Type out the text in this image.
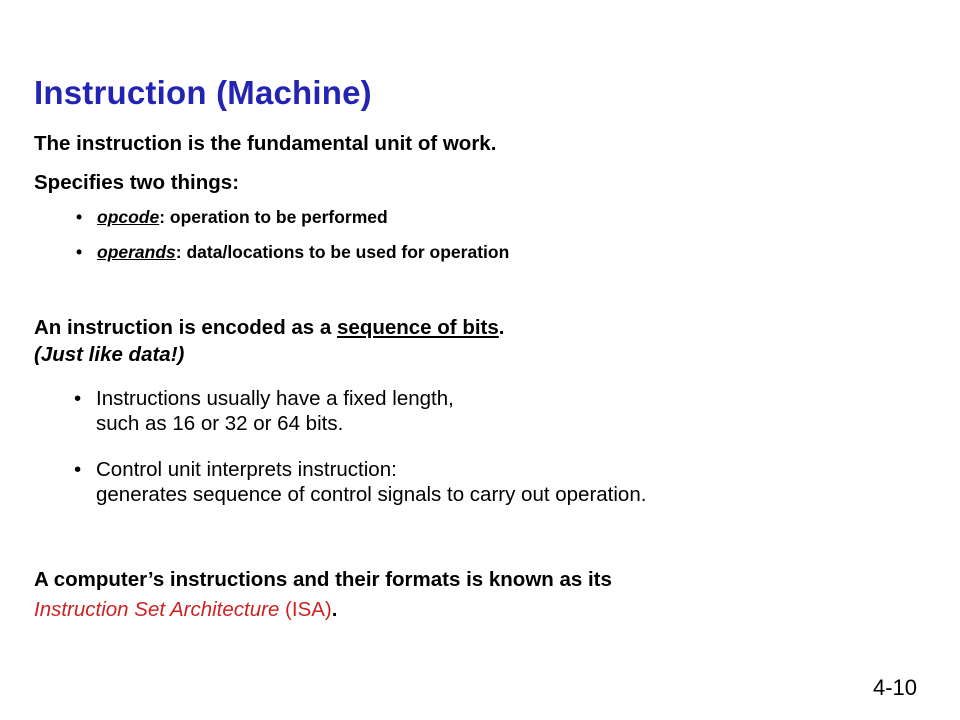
Instruction (Machine)

The instruction is the fundamental unit of work.

Specifies two things:

• opcode: operation to be performed
• operands: data/locations to be used for operation

An instruction is encoded as a sequence of bits.

(Just like data!)

• Instructions usually have a fixed length,
such as 16 or 32 or 64 bits.
• Control unit interprets instruction:
generates sequence of control signals to carry out operation.

A computer’s instructions and their formats is known as its

Instruction Set Architecture (ISA).

4-10
